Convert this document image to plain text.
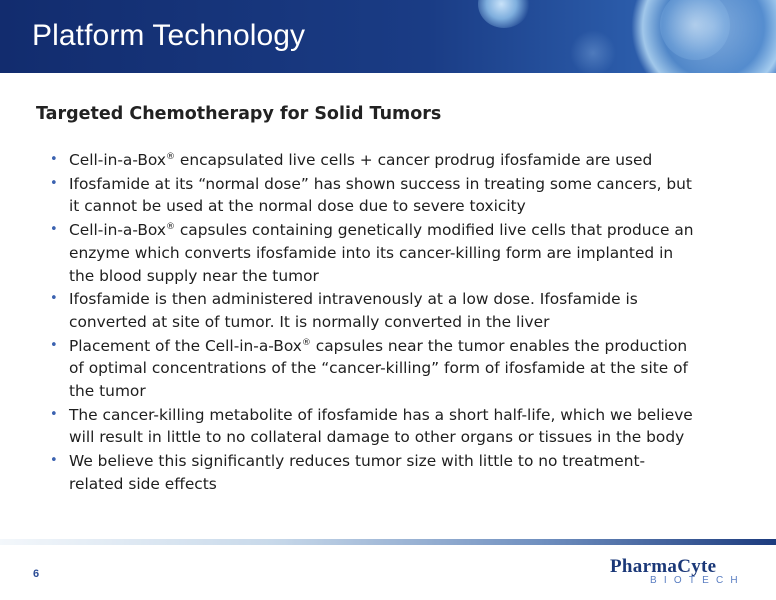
Platform Technology
Targeted Chemotherapy for Solid Tumors
• Cell-in-a-Box® encapsulated live cells + cancer prodrug ifosfamide are used
• Ifosfamide at its “normal dose” has shown success in treating some cancers, but
it cannot be used at the normal dose due to severe toxicity
• Cell-in-a-Box® capsules containing genetically modified live cells that produce an
enzyme which converts ifosfamide into its cancer-killing form are implanted in
the blood supply near the tumor
• Ifosfamide is then administered intravenously at a low dose. Ifosfamide is
converted at site of tumor. It is normally converted in the liver
• Placement of the Cell-in-a-Box® capsules near the tumor enables the production
of optimal concentrations of the “cancer-killing” form of ifosfamide at the site of
the tumor
• The cancer-killing metabolite of ifosfamide has a short half-life, which we believe
will result in little to no collateral damage to other organs or tissues in the body
• We believe this significantly reduces tumor size with little to no treatment-
related side effects

6	PharmaCyte
BIOTECH
